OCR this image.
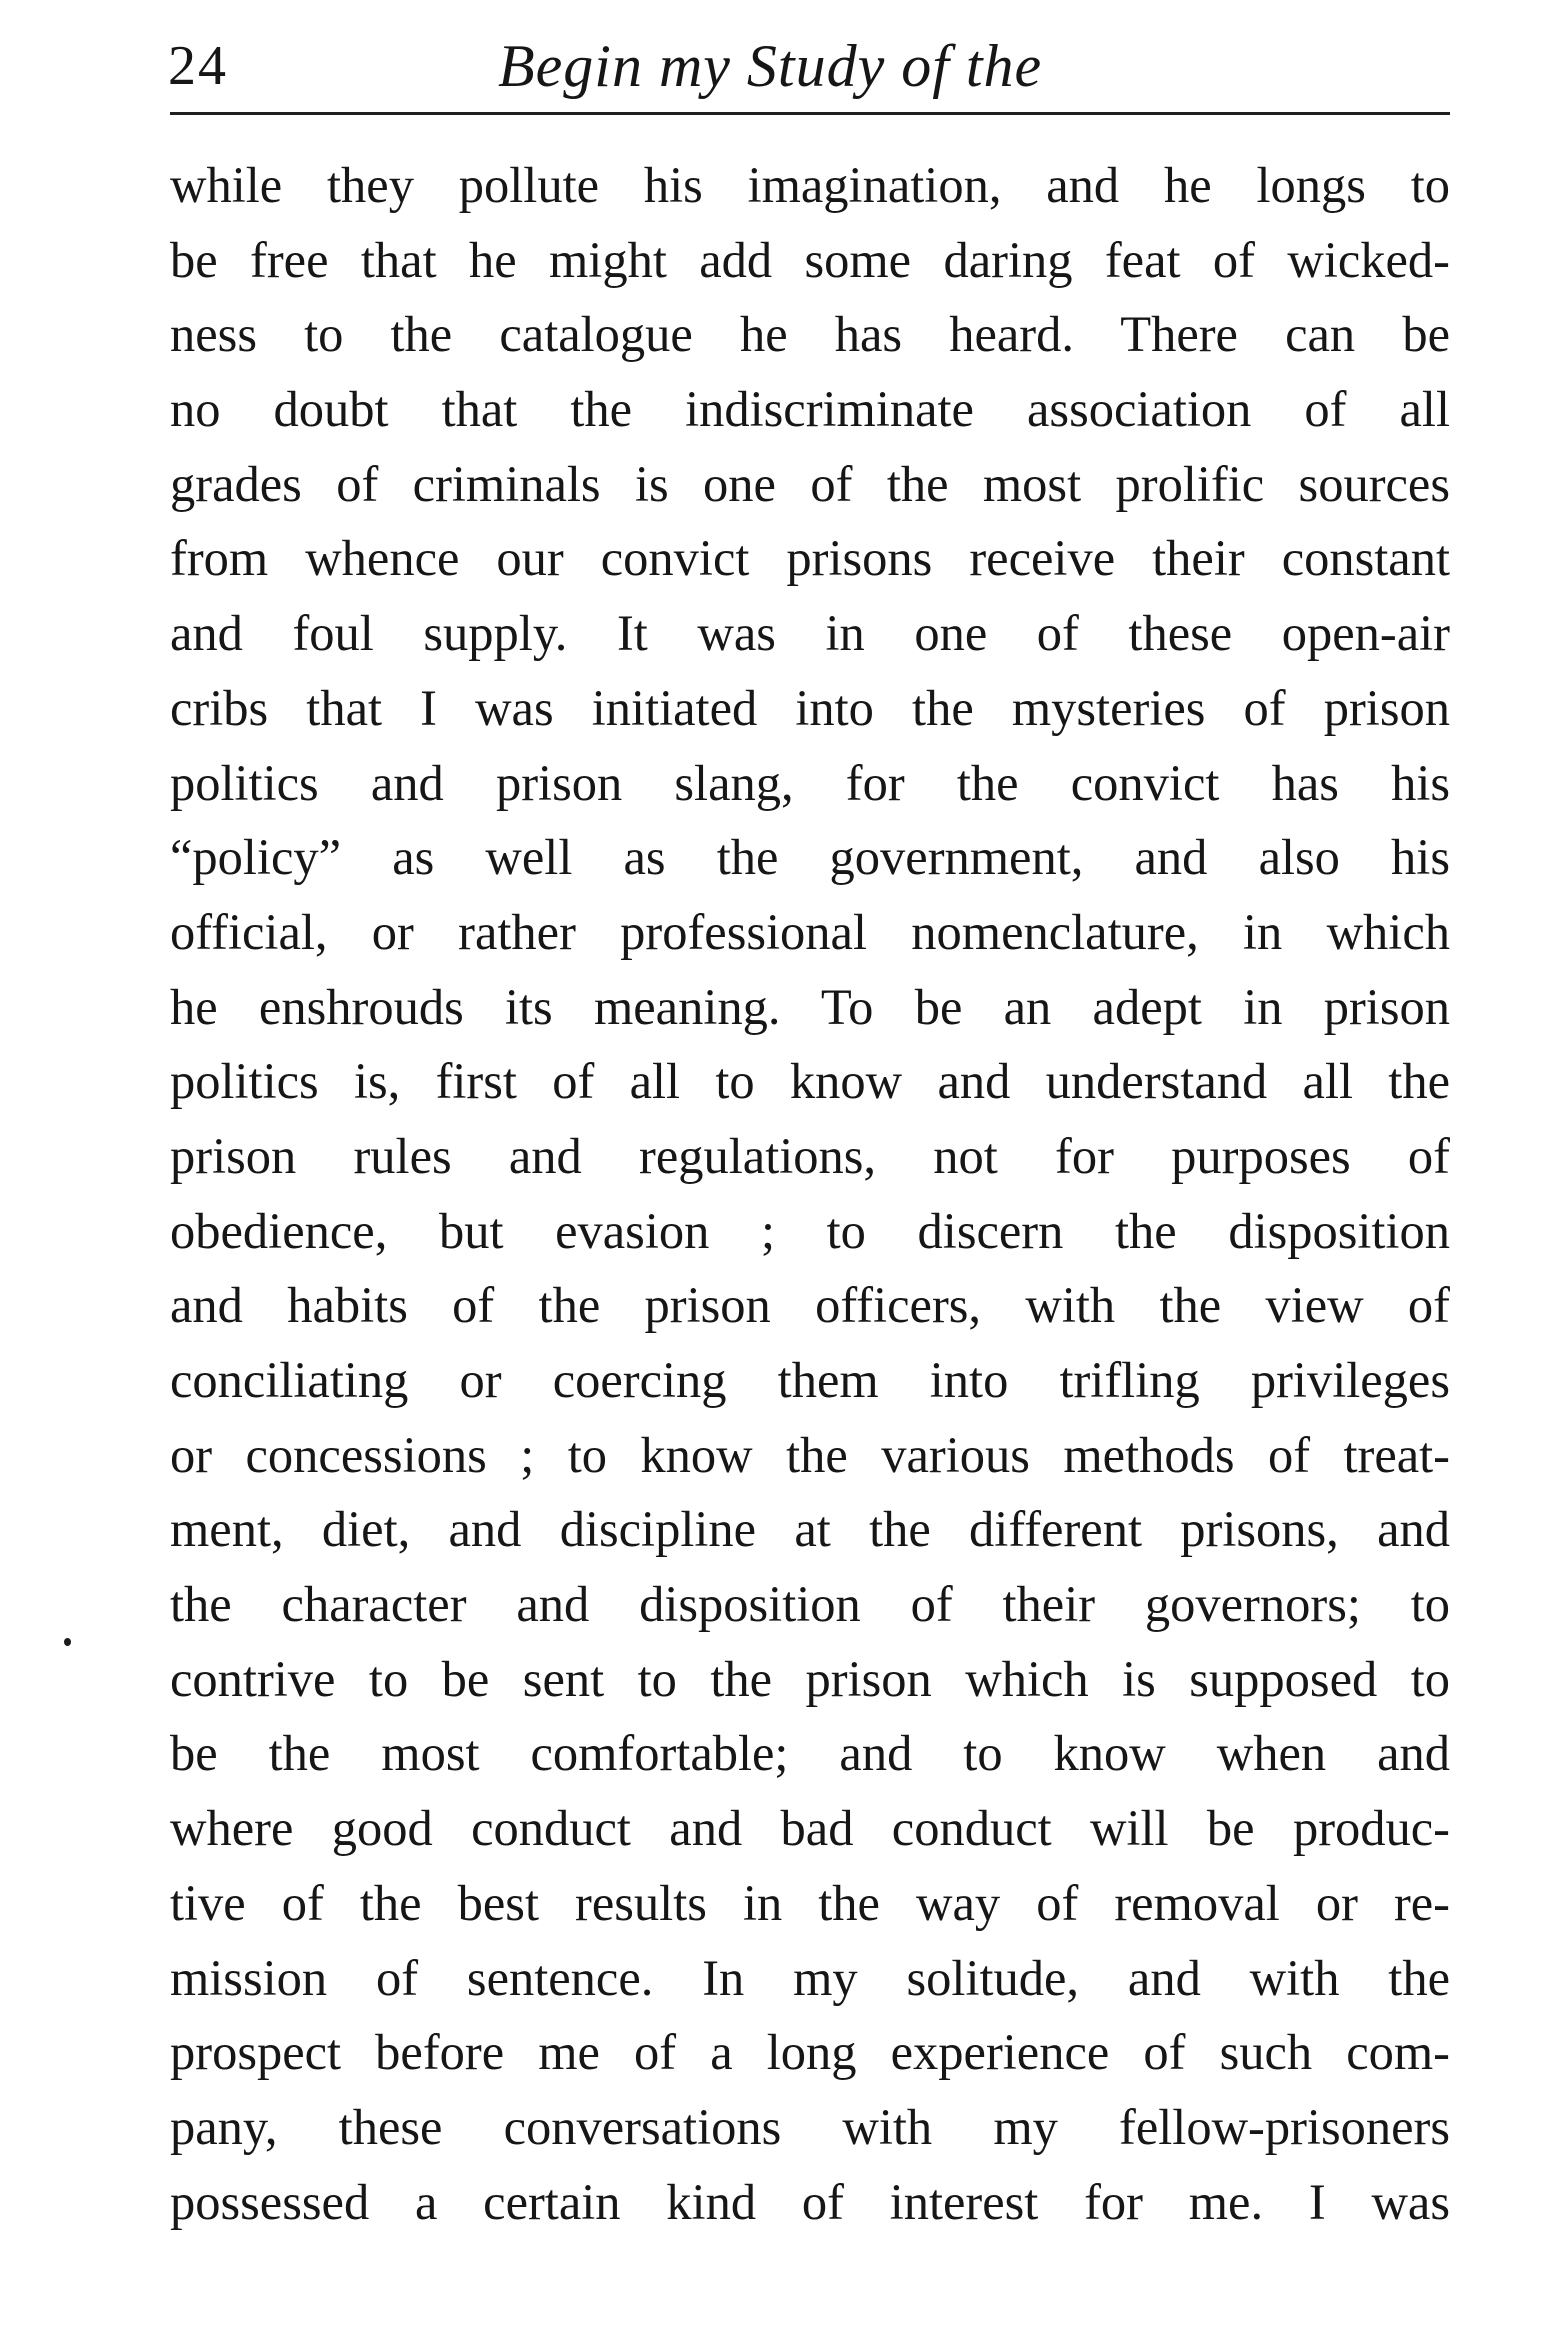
24	Begin my Study of the
while they pollute his imagination, and he longs to
be free that he might add some daring feat of wicked-
ness to the catalogue he has heard. There can be
no doubt that the indiscriminate association of all
grades of criminals is one of the most prolific sources
from whence our convict prisons receive their constant
and foul supply. It was in one of these open-air
cribs that I was initiated into the mysteries of prison
politics and prison slang, for the convict has his
“policy” as well as the government, and also his
official, or rather professional nomenclature, in which
he enshrouds its meaning. To be an adept in prison
politics is, first of all to know and understand all the
prison rules and regulations, not for purposes of
obedience, but evasion ; to discern the disposition
and habits of the prison officers, with the view of
conciliating or coercing them into trifling privileges
or concessions ; to know the various methods of treat-
ment, diet, and discipline at the different prisons, and
the character and disposition of their governors; to
contrive to be sent to the prison which is supposed to
be the most comfortable; and to know when and
where good conduct and bad conduct will be produc-
tive of the best results in the way of removal or re-
mission of sentence. In my solitude, and with the
prospect before me of a long experience of such com-
pany, these conversations with my fellow-prisoners
possessed a certain kind of interest for me. I was
